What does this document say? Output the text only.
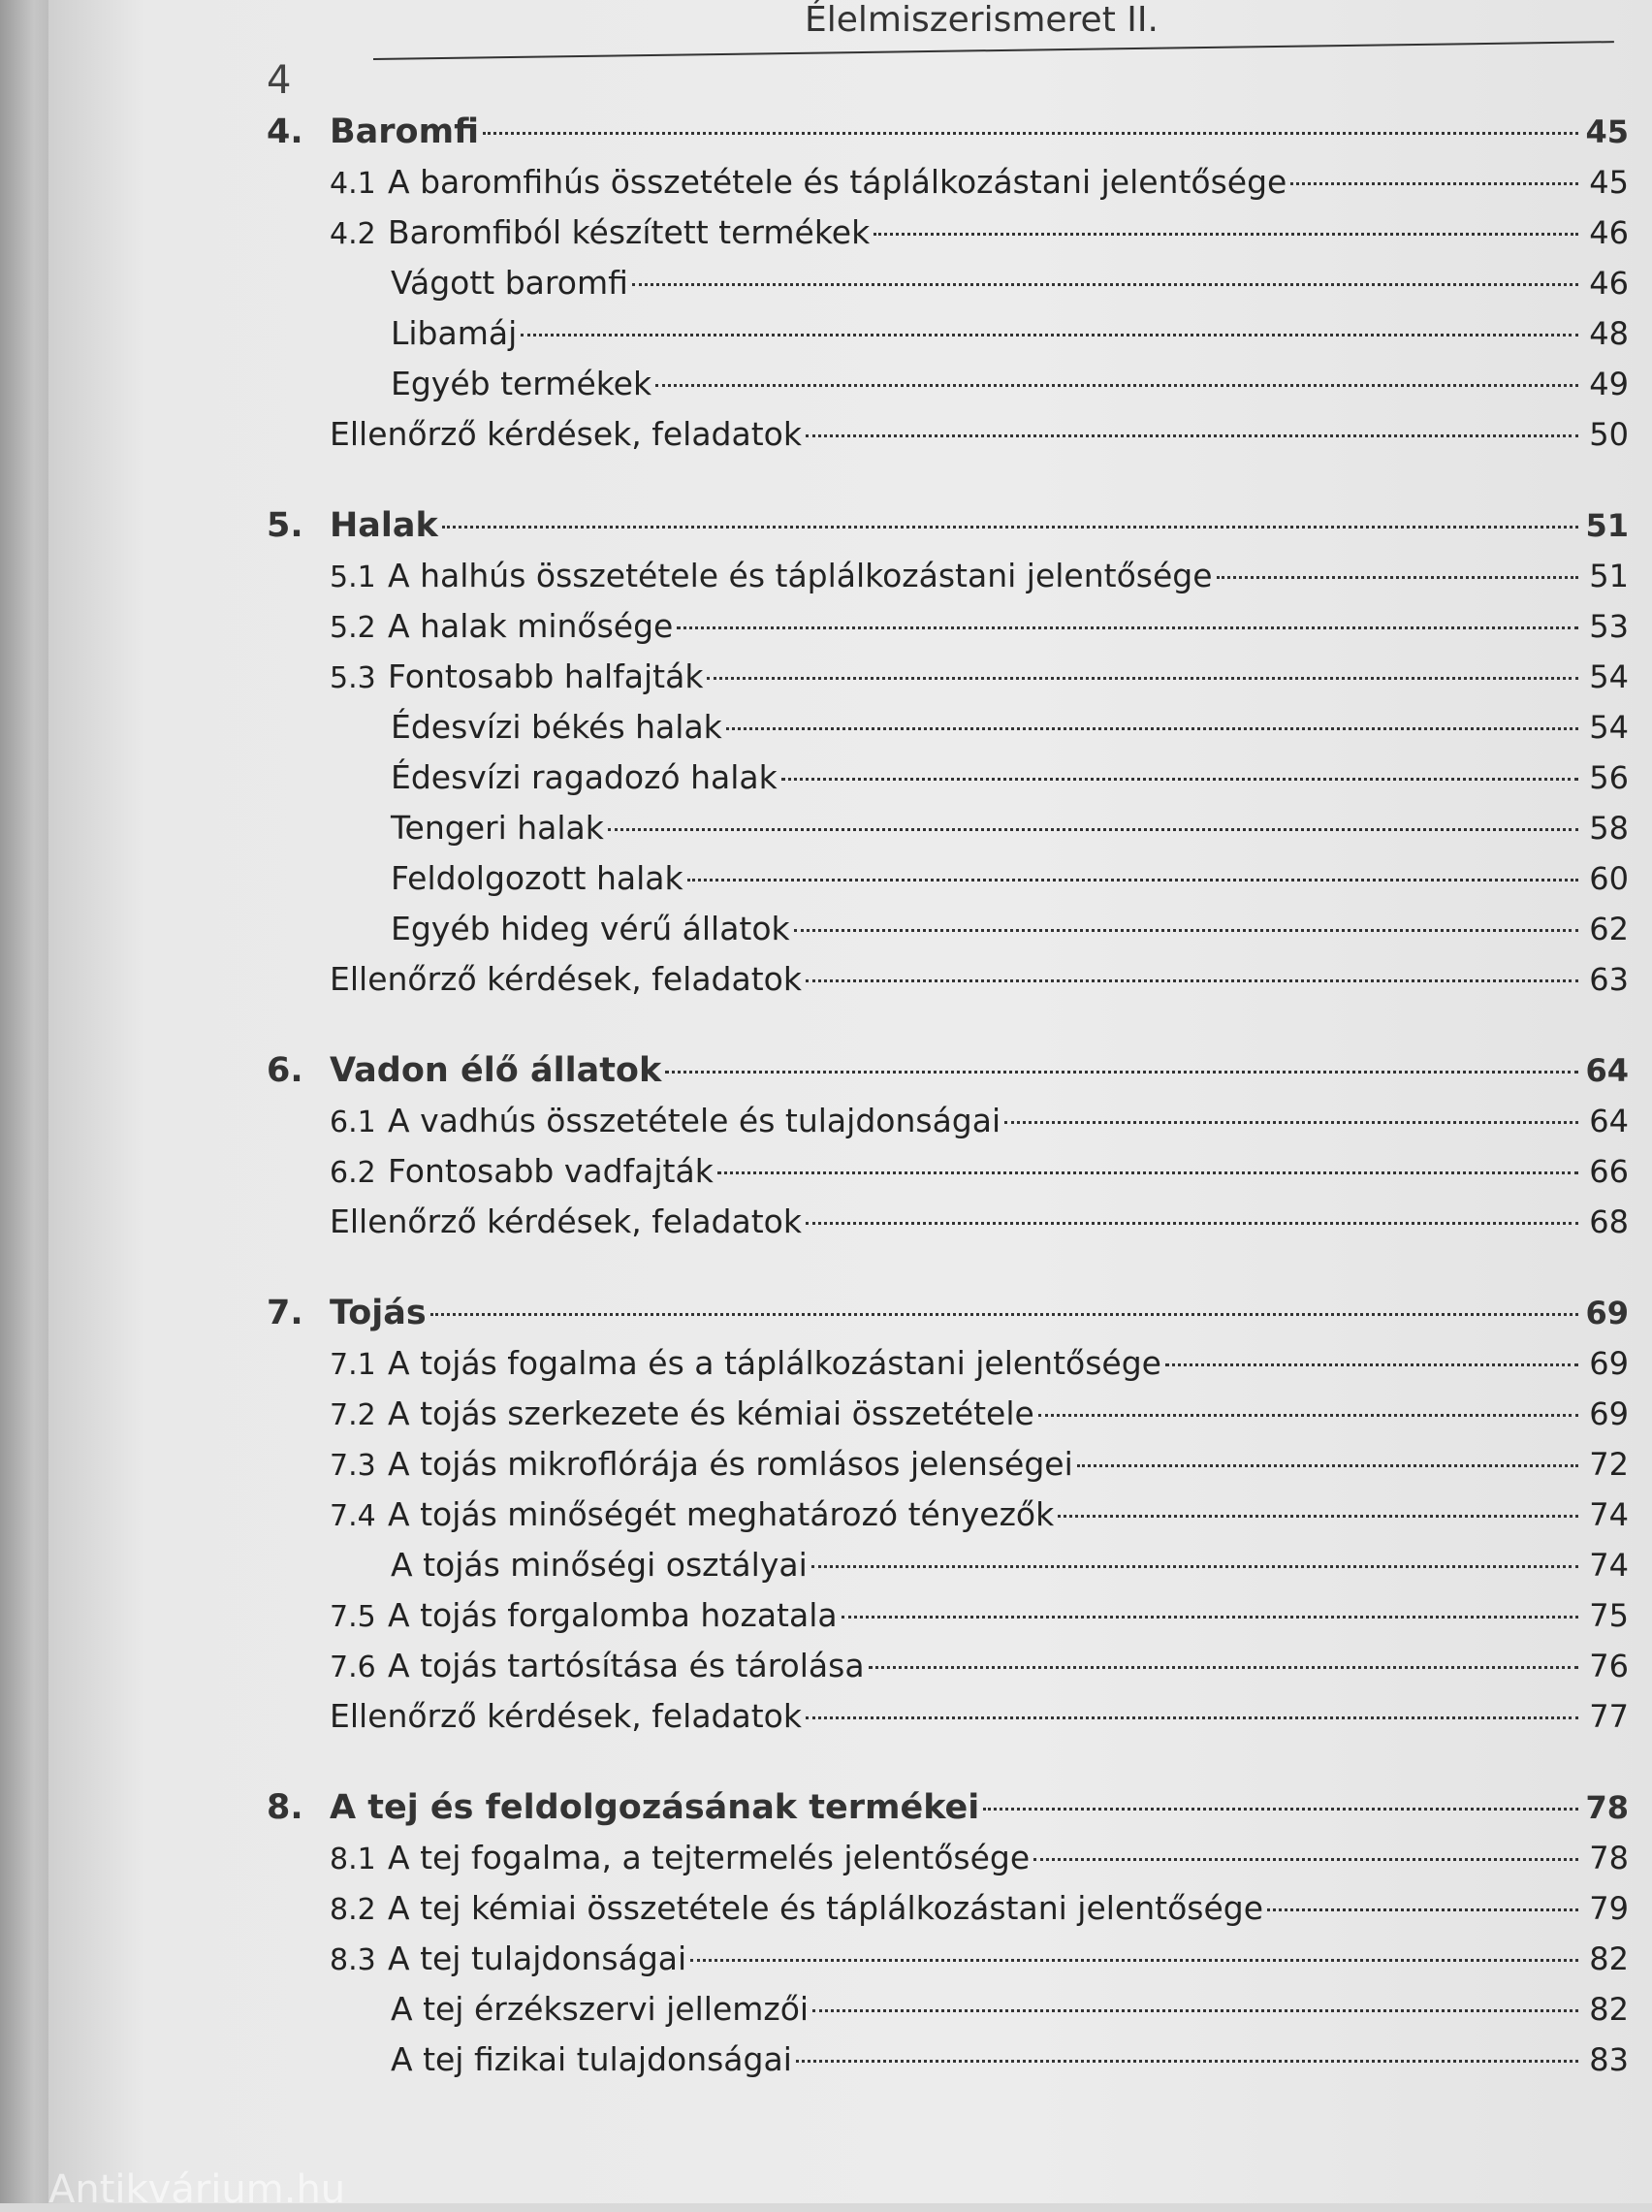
Élelmiszerismeret II.
4
4. Baromfi	45
4.1 A baromfihús összetétele és táplálkozástani jelentősége	45
4.2 Baromfiból készített termékek	46
Vágott baromfi	46
Libamáj	48
Egyéb termékek	49
Ellenőrző kérdések, feladatok	50
5. Halak	51
5.1 A halhús összetétele és táplálkozástani jelentősége	51
5.2 A halak minősége	53
5.3 Fontosabb halfajták	54
Édesvízi békés halak	54
Édesvízi ragadozó halak	56
Tengeri halak	58
Feldolgozott halak	60
Egyéb hideg vérű állatok	62
Ellenőrző kérdések, feladatok	63
6. Vadon élő állatok	64
6.1 A vadhús összetétele és tulajdonságai	64
6.2 Fontosabb vadfajták	66
Ellenőrző kérdések, feladatok	68
7. Tojás	69
7.1 A tojás fogalma és a táplálkozástani jelentősége	69
7.2 A tojás szerkezete és kémiai összetétele	69
7.3 A tojás mikroflórája és romlásos jelenségei	72
7.4 A tojás minőségét meghatározó tényezők	74
A tojás minőségi osztályai	74
7.5 A tojás forgalomba hozatala	75
7.6 A tojás tartósítása és tárolása	76
Ellenőrző kérdések, feladatok	77
8. A tej és feldolgozásának termékei	78
8.1 A tej fogalma, a tejtermelés jelentősége	78
8.2 A tej kémiai összetétele és táplálkozástani jelentősége	79
8.3 A tej tulajdonságai	82
A tej érzékszervi jellemzői	82
A tej fizikai tulajdonságai	83
Antikvárium.hu
